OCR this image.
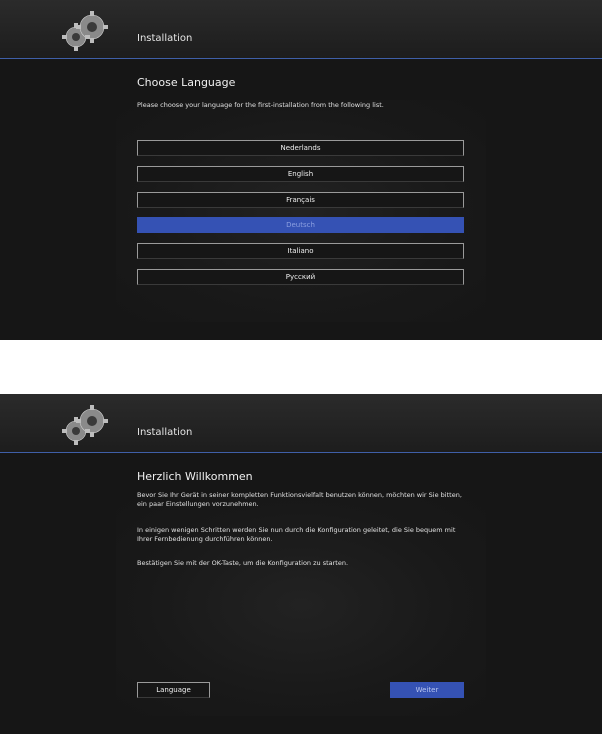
Installation
Choose Language
Please choose your language for the first-installation from the following list.
Nederlands
English
Français
Deutsch
Italiano
Русский
Installation
Herzlich Willkommen
Bevor Sie Ihr Gerät in seiner kompletten Funktionsvielfalt benutzen können, möchten wir Sie bitten, ein paar Einstellungen vorzunehmen.
In einigen wenigen Schritten werden Sie nun durch die Konfiguration geleitet, die Sie bequem mit Ihrer Fernbedienung durchführen können.
Bestätigen Sie mit der OK-Taste, um die Konfiguration zu starten.
Language	Weiter
